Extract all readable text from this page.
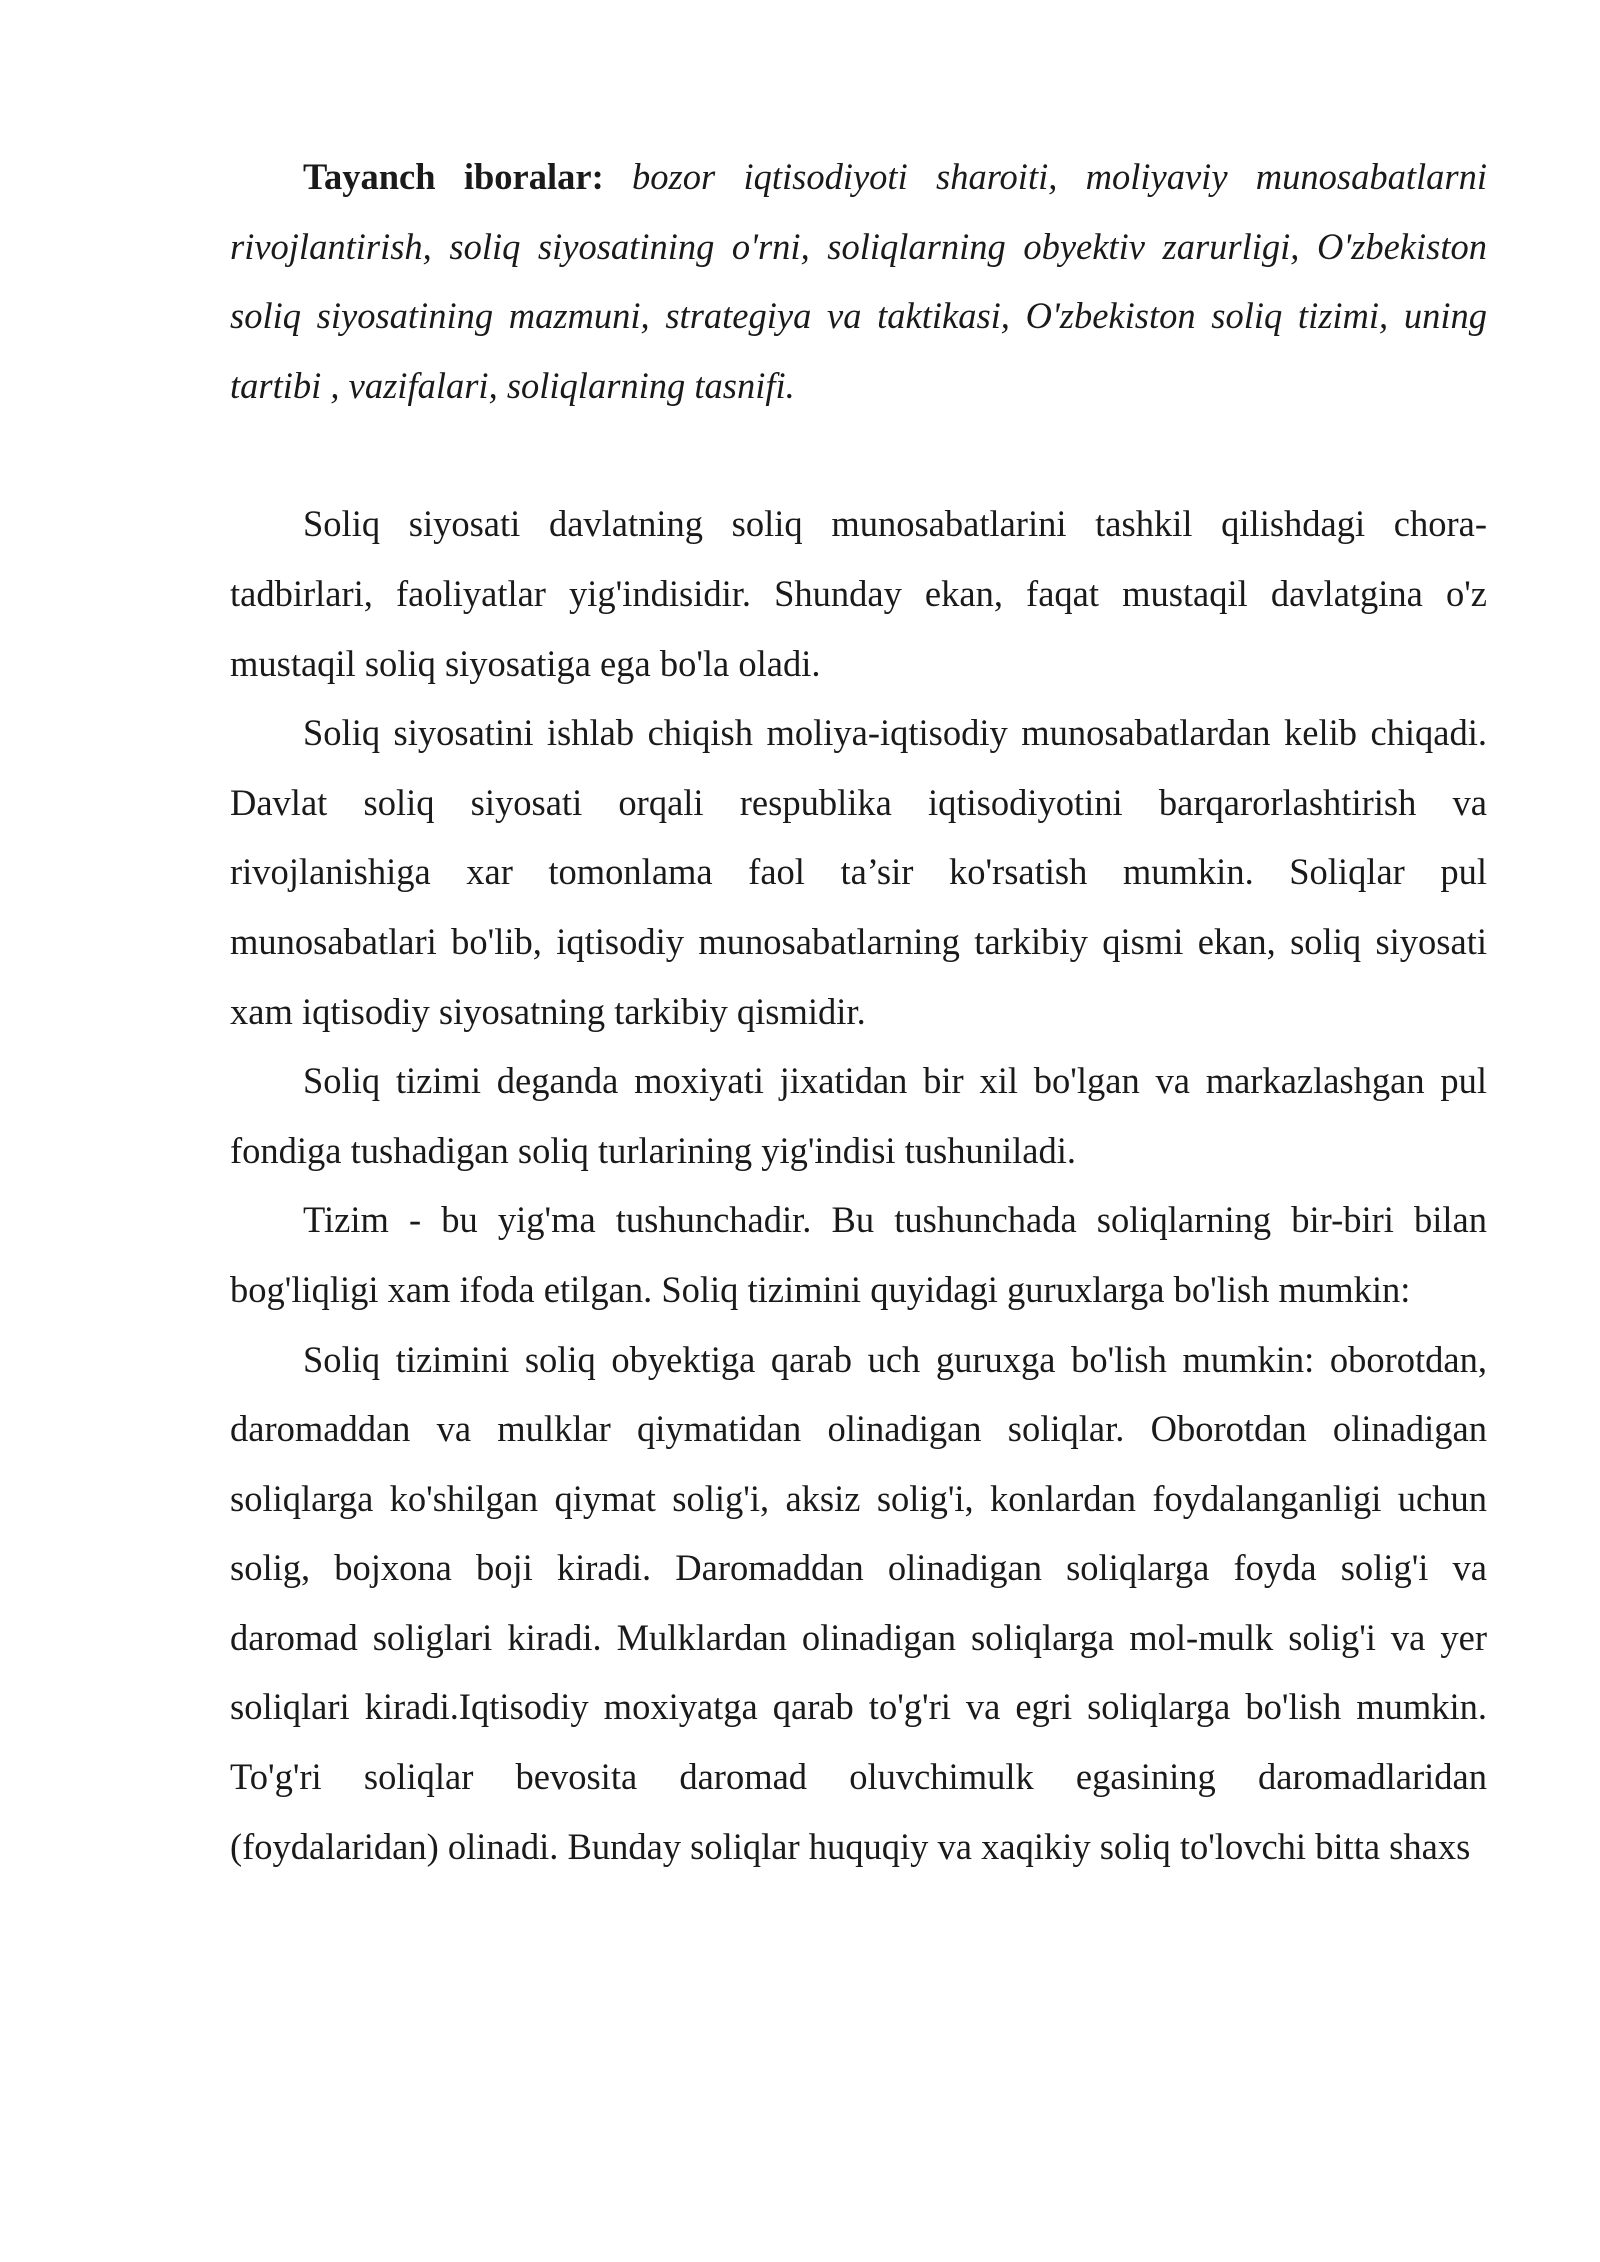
Tayanch iboralar: bozor iqtisodiyoti sharoiti, moliyaviy munosabatlarni rivojlantirish, soliq siyosatining o'rni, soliqlarning obyektiv zarurligi, O'zbekiston soliq siyosatining mazmuni, strategiya va taktikasi, O'zbekiston soliq tizimi, uning tartibi , vazifalari, soliqlarning tasnifi.

Soliq siyosati davlatning soliq munosabatlarini tashkil qilishdagi chora-tadbirlari, faoliyatlar yig'indisidir. Shunday ekan, faqat mustaqil davlatgina o'z mustaqil soliq siyosatiga ega bo'la oladi.

Soliq siyosatini ishlab chiqish moliya-iqtisodiy munosabatlardan kelib chiqadi. Davlat soliq siyosati orqali respublika iqtisodiyotini barqarorlashtirish va rivojlanishiga xar tomonlama faol ta’sir ko'rsatish mumkin. Soliqlar pul munosabatlari bo'lib, iqtisodiy munosabatlarning tarkibiy qismi ekan, soliq siyosati xam iqtisodiy siyosatning tarkibiy qismidir.

Soliq tizimi deganda moxiyati jixatidan bir xil bo'lgan va markazlashgan pul fondiga tushadigan soliq turlarining yig'indisi tushuniladi.

Tizim - bu yig'ma tushunchadir. Bu tushunchada soliqlarning bir-biri bilan bog'liqligi xam ifoda etilgan. Soliq tizimini quyidagi guruxlarga bo'lish mumkin:

Soliq tizimini soliq obyektiga qarab uch guruxga bo'lish mumkin: oborotdan, daromaddan va mulklar qiymatidan olinadigan soliqlar. Oborotdan olinadigan soliqlarga ko'shilgan qiymat solig'i, aksiz solig'i, konlardan foydalanganligi uchun solig, bojxona boji kiradi. Daromaddan olinadigan soliqlarga foyda solig'i va daromad soliglari kiradi. Mulklardan olinadigan soliqlarga mol-mulk solig'i va yer soliqlari kiradi.Iqtisodiy moxiyatga qarab to'g'ri va egri soliqlarga bo'lish mumkin. To'g'ri soliqlar bevosita daromad oluvchimulk egasining daromadlaridan (foydalaridan) olinadi. Bunday soliqlar huquqiy va xaqikiy soliq to'lovchi bitta shaxs
